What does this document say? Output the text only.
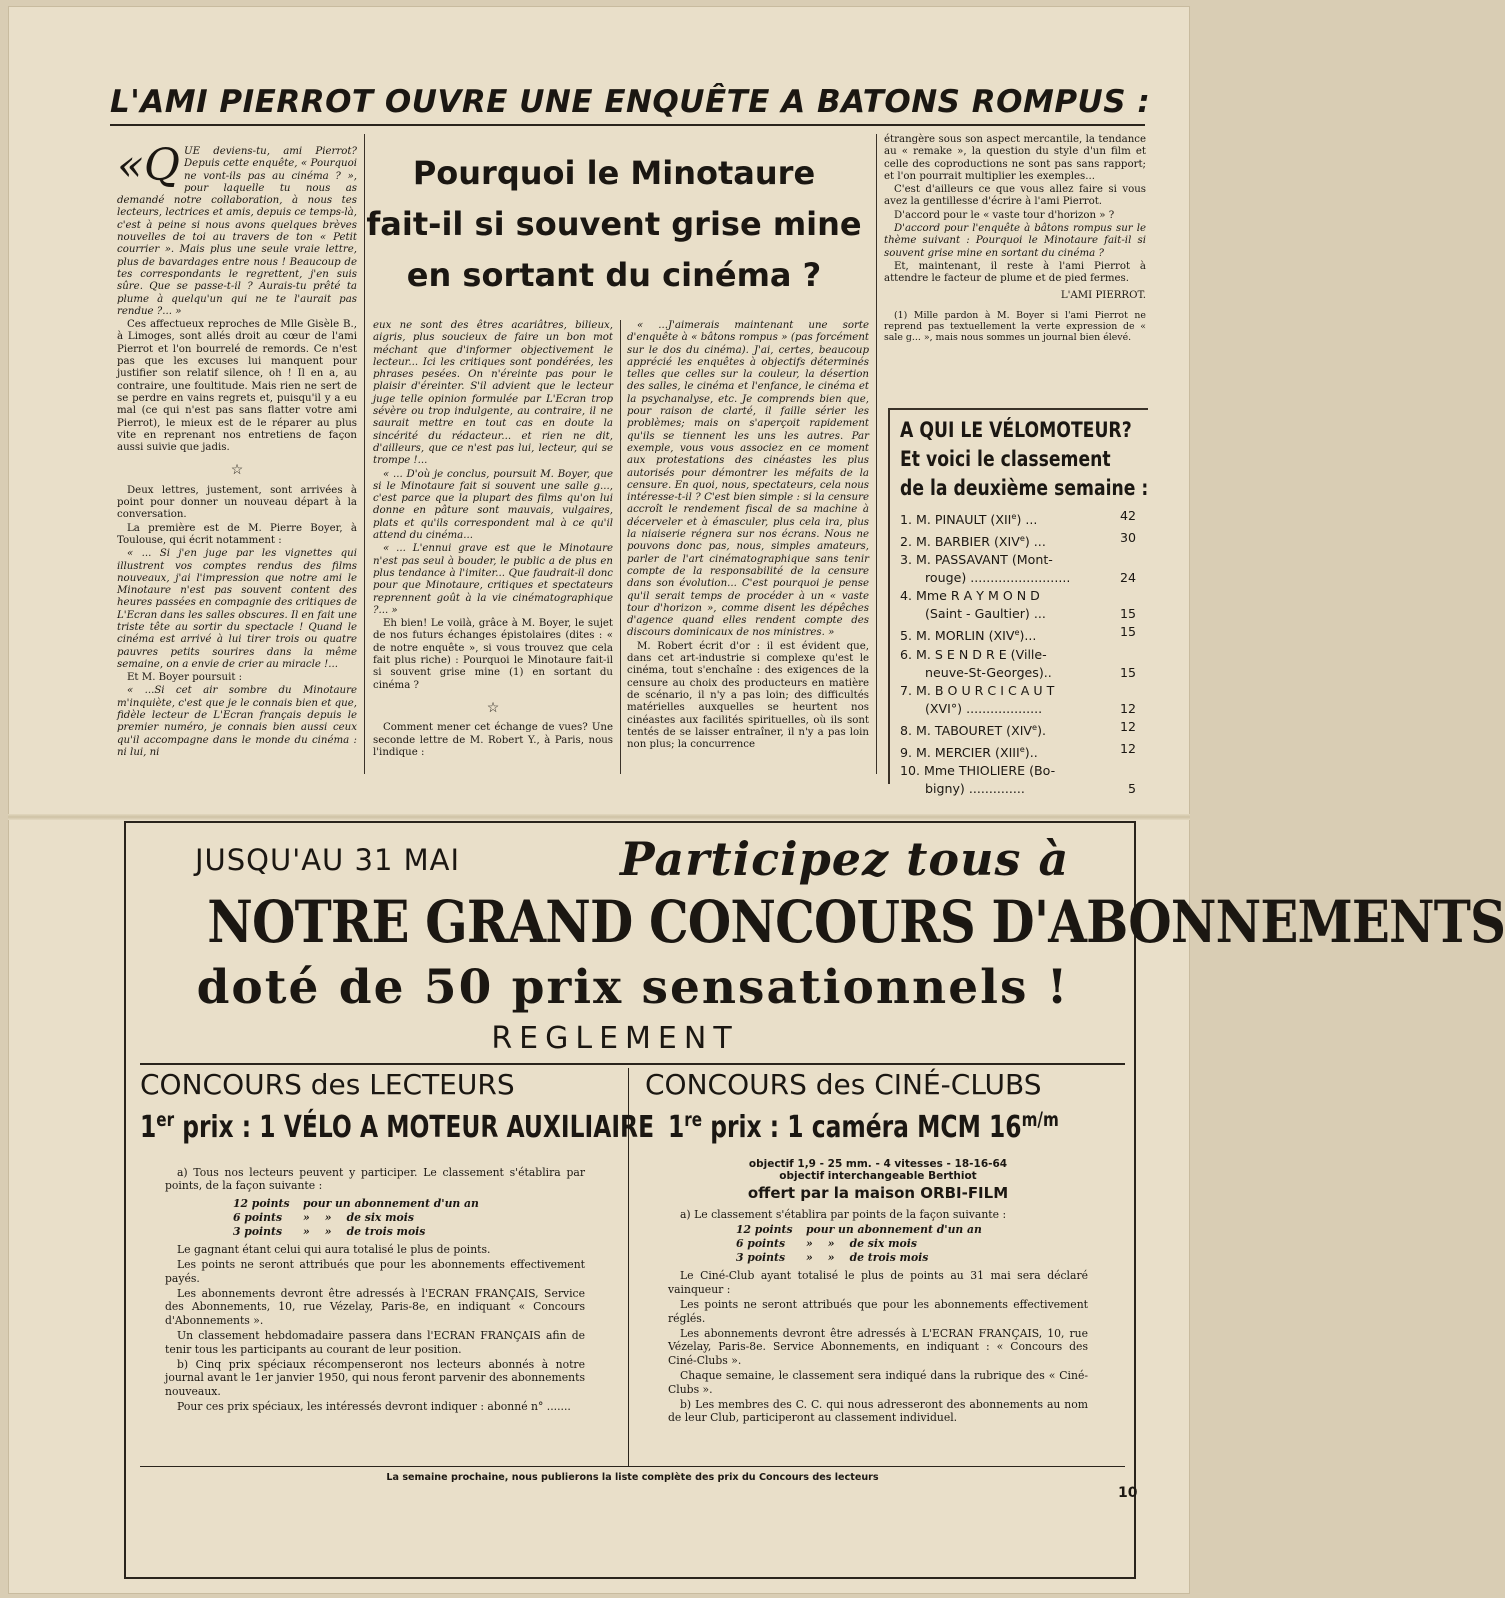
L'AMI PIERROT OUVRE UNE ENQUÊTE A BATONS ROMPUS :

«QUE deviens-tu, ami Pierrot? Depuis cette enquête, « Pourquoi ne vont-ils pas au cinéma ? », pour laquelle tu nous as demandé notre collaboration, à nous tes lecteurs, lectrices et amis, depuis ce temps-là, c'est à peine si nous avons quelques brèves nouvelles de toi au travers de ton « Petit courrier ». Mais plus une seule vraie lettre, plus de bavardages entre nous ! Beaucoup de tes correspondants le regrettent, j'en suis sûre. Que se passe-t-il ? Aurais-tu prêté ta plume à quelqu'un qui ne te l'aurait pas rendue ?... »

Ces affectueux reproches de Mlle Gisèle B., à Limoges, sont allés droit au cœur de l'ami Pierrot et l'on bourrelé de remords. Ce n'est pas que les excuses lui manquent pour justifier son relatif silence, oh ! Il en a, au contraire, une foultitude. Mais rien ne sert de se perdre en vains regrets et, puisqu'il y a eu mal (ce qui n'est pas sans flatter votre ami Pierrot), le mieux est de le réparer au plus vite en reprenant nos entretiens de façon aussi suivie que jadis.

☆

Deux lettres, justement, sont arrivées à point pour donner un nouveau départ à la conversation.

La première est de M. Pierre Boyer, à Toulouse, qui écrit notamment :

« ... Si j'en juge par les vignettes qui illustrent vos comptes rendus des films nouveaux, j'ai l'impression que notre ami le Minotaure n'est pas souvent content des heures passées en compagnie des critiques de L'Ecran dans les salles obscures. Il en fait une triste tête au sortir du spectacle ! Quand le cinéma est arrivé à lui tirer trois ou quatre pauvres petits sourires dans la même semaine, on a envie de crier au miracle !...

Et M. Boyer poursuit :

« ...Si cet air sombre du Minotaure m'inquiète, c'est que je le connais bien et que, fidèle lecteur de L'Ecran français depuis le premier numéro, je connais bien aussi ceux qu'il accompagne dans le monde du cinéma : ni lui, ni

Pourquoi le Minotaure
fait-il si souvent grise mine
en sortant du cinéma ?

eux ne sont des êtres acariâtres, bilieux, aigris, plus soucieux de faire un bon mot méchant que d'informer objectivement le lecteur... Ici les critiques sont pondérées, les phrases pesées. On n'éreinte pas pour le plaisir d'éreinter. S'il advient que le lecteur juge telle opinion formulée par L'Ecran trop sévère ou trop indulgente, au contraire, il ne saurait mettre en tout cas en doute la sincérité du rédacteur... et rien ne dit, d'ailleurs, que ce n'est pas lui, lecteur, qui se trompe !...

« ... D'où je conclus, poursuit M. Boyer, que si le Minotaure fait si souvent une salle g..., c'est parce que la plupart des films qu'on lui donne en pâture sont mauvais, vulgaires, plats et qu'ils correspondent mal à ce qu'il attend du cinéma...

« ... L'ennui grave est que le Minotaure n'est pas seul à bouder, le public a de plus en plus tendance à l'imiter... Que faudrait-il donc pour que Minotaure, critiques et spectateurs reprennent goût à la vie cinématographique ?... »

Eh bien! Le voilà, grâce à M. Boyer, le sujet de nos futurs échanges épistolaires (dites : « de notre enquête », si vous trouvez que cela fait plus riche) : Pourquoi le Minotaure fait-il si souvent grise mine (1) en sortant du cinéma ?

☆

Comment mener cet échange de vues? Une seconde lettre de M. Robert Y., à Paris, nous l'indique :

« ...J'aimerais maintenant une sorte d'enquête à « bâtons rompus » (pas forcément sur le dos du cinéma). J'ai, certes, beaucoup apprécié les enquêtes à objectifs déterminés telles que celles sur la couleur, la désertion des salles, le cinéma et l'enfance, le cinéma et la psychanalyse, etc. Je comprends bien que, pour raison de clarté, il faille sérier les problèmes; mais on s'aperçoit rapidement qu'ils se tiennent les uns les autres. Par exemple, vous vous associez en ce moment aux protestations des cinéastes les plus autorisés pour démontrer les méfaits de la censure. En quoi, nous, spectateurs, cela nous intéresse-t-il ? C'est bien simple : si la censure accroît le rendement fiscal de sa machine à décerveler et à émasculer, plus cela ira, plus la niaiserie régnera sur nos écrans. Nous ne pouvons donc pas, nous, simples amateurs, parler de l'art cinématographique sans tenir compte de la responsabilité de la censure dans son évolution... C'est pourquoi je pense qu'il serait temps de procéder à un « vaste tour d'horizon », comme disent les dépêches d'agence quand elles rendent compte des discours dominicaux de nos ministres. »

M. Robert écrit d'or : il est évident que, dans cet art-industrie si complexe qu'est le cinéma, tout s'enchaîne : des exigences de la censure au choix des producteurs en matière de scénario, il n'y a pas loin; des difficultés matérielles auxquelles se heurtent nos cinéastes aux facilités spirituelles, où ils sont tentés de se laisser entraîner, il n'y a pas loin non plus; la concurrence

étrangère sous son aspect mercantile, la tendance au « remake », la question du style d'un film et celle des coproductions ne sont pas sans rapport; et l'on pourrait multiplier les exemples...

C'est d'ailleurs ce que vous allez faire si vous avez la gentillesse d'écrire à l'ami Pierrot.

D'accord pour le « vaste tour d'horizon » ?

D'accord pour l'enquête à bâtons rompus sur le thème suivant : Pourquoi le Minotaure fait-il si souvent grise mine en sortant du cinéma ?

Et, maintenant, il reste à l'ami Pierrot à attendre le facteur de plume et de pied fermes.

L'AMI PIERROT.

(1) Mille pardon à M. Boyer si l'ami Pierrot ne reprend pas textuellement la verte expression de « sale g... », mais nous sommes un journal bien élevé.

A QUI LE VÉLOMOTEUR?
Et voici le classement
de la deuxième semaine :
1. M. PINAULT (XIIe) ...	42
2. M. BARBIER (XIVe) ...	30
3. M. PASSAVANT (Mont-
rouge) .........................	24
4. Mme R A Y M O N D
(Saint - Gaultier) ...	15
5. M. MORLIN (XIVe)...	15
6. M. S E N D R E (Ville-
neuve-St-Georges)..	15
7. M. B O U R C I C A U T
(XVI°) ...................	12
8. M. TABOURET (XIVe).	12
9. M. MERCIER (XIIIe)..	12
10. Mme THIOLIERE (Bo-
bigny) ..............	5
JUSQU'AU 31 MAI	Participez tous à
NOTRE GRAND CONCOURS D'ABONNEMENTS
doté de 50 prix sensationnels !
REGLEMENT
CONCOURS des LECTEURS
1er prix : 1 VÉLO A MOTEUR AUXILIAIRE
CONCOURS des CINÉ-CLUBS
1re prix : 1 caméra MCM $16^{m/m}$

a) Tous nos lecteurs peuvent y participer. Le classement s'établira par points, de la façon suivante :

12 points	pour un abonnement d'un an
6 points	»    »    de six mois
3 points	»    »    de trois mois

Le gagnant étant celui qui aura totalisé le plus de points.

Les points ne seront attribués que pour les abonnements effectivement payés.

Les abonnements devront être adressés à l'ECRAN FRANÇAIS, Service des Abonnements, 10, rue Vézelay, Paris-8e, en indiquant « Concours d'Abonnements ».

Un classement hebdomadaire passera dans l'ECRAN FRANÇAIS afin de tenir tous les participants au courant de leur position.

b) Cinq prix spéciaux récompenseront nos lecteurs abonnés à notre journal avant le 1er janvier 1950, qui nous feront parvenir des abonnements nouveaux.

Pour ces prix spéciaux, les intéressés devront indiquer : abonné n° .......

objectif 1,9 - 25 mm. - 4 vitesses - 18-16-64
objectif interchangeable Berthiot
offert par la maison ORBI-FILM

a) Le classement s'établira par points de la façon suivante :

12 points	pour un abonnement d'un an
6 points	»    »    de six mois
3 points	»    »    de trois mois

Le Ciné-Club ayant totalisé le plus de points au 31 mai sera déclaré vainqueur :

Les points ne seront attribués que pour les abonnements effectivement réglés.

Les abonnements devront être adressés à L'ECRAN FRANÇAIS, 10, rue Vézelay, Paris-8e. Service Abonnements, en indiquant : « Concours des Ciné-Clubs ».

Chaque semaine, le classement sera indiqué dans la rubrique des « Ciné-Clubs ».

b) Les membres des C. C. qui nous adresseront des abonnements au nom de leur Club, participeront au classement individuel.

La semaine prochaine, nous publierons la liste complète des prix du Concours des lecteurs
10
